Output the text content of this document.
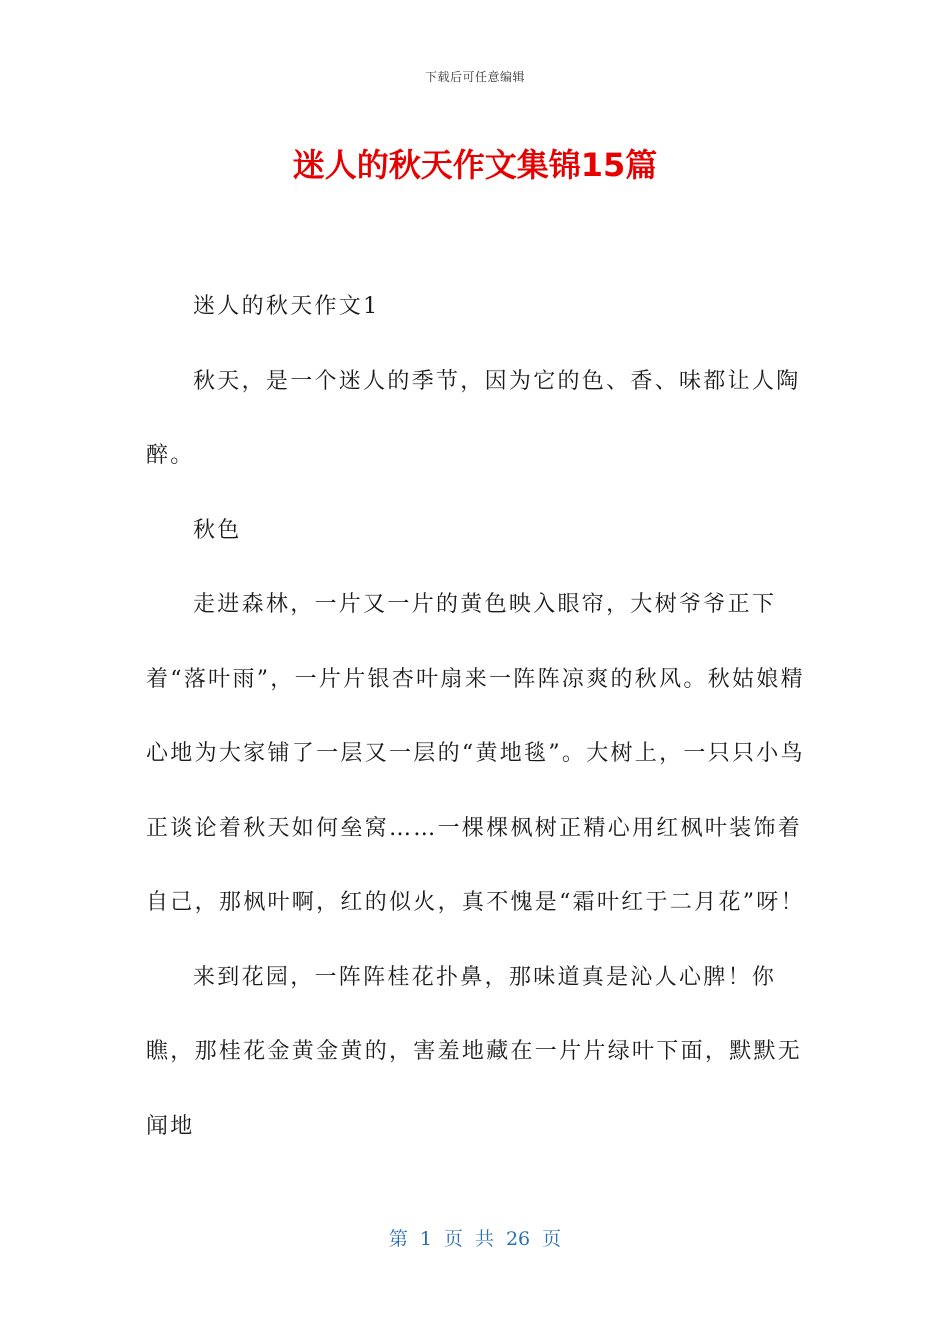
下载后可任意编辑
迷人的秋天作文集锦15篇

迷人的秋天作文1

秋天，是一个迷人的季节，因为它的色、香、味都让人陶醉。

秋色

走进森林，一片又一片的黄色映入眼帘，大树爷爷正下着“落叶雨”，一片片银杏叶扇来一阵阵凉爽的秋风。秋姑娘精心地为大家铺了一层又一层的“黄地毯”。大树上，一只只小鸟正谈论着秋天如何垒窝……一棵棵枫树正精心用红枫叶装饰着自己，那枫叶啊，红的似火，真不愧是“霜叶红于二月花”呀！

来到花园，一阵阵桂花扑鼻，那味道真是沁人心脾！你瞧，那桂花金黄金黄的，害羞地藏在一片片绿叶下面，默默无闻地

第 1 页 共 26 页
